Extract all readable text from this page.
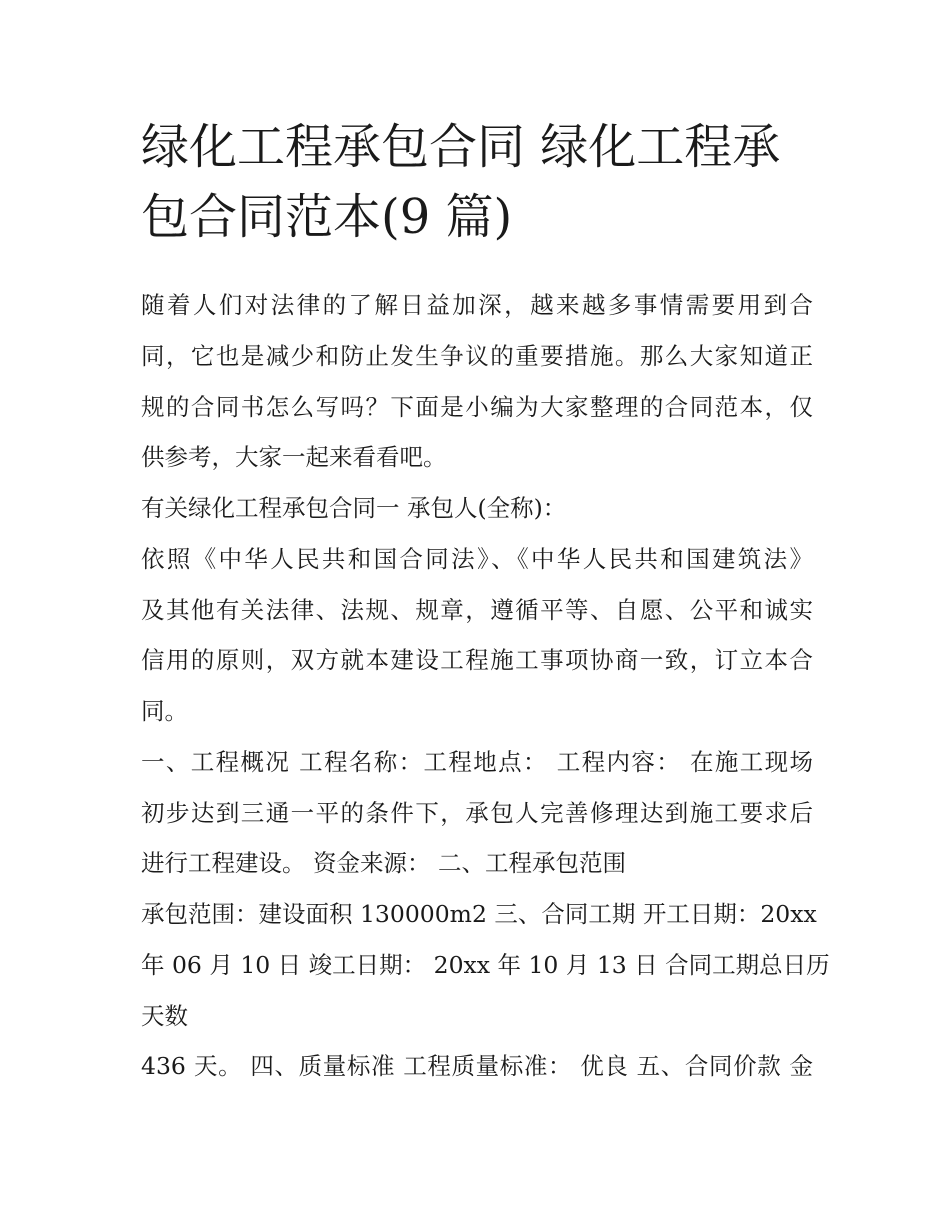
绿化工程承包合同 绿化工程承
包合同范本(9 篇)
随着人们对法律的了解日益加深，越来越多事情需要用到合
同，它也是减少和防止发生争议的重要措施。那么大家知道正
规的合同书怎么写吗？下面是小编为大家整理的合同范本，仅
供参考，大家一起来看看吧。
有关绿化工程承包合同一 承包人(全称)：
依照《中华人民共和国合同法》、《中华人民共和国建筑法》
及其他有关法律、法规、规章，遵循平等、自愿、公平和诚实
信用的原则，双方就本建设工程施工事项协商一致，订立本合
同。
一、工程概况 工程名称：工程地点： 工程内容： 在施工现场
初步达到三通一平的条件下，承包人完善修理达到施工要求后
进行工程建设。 资金来源： 二、工程承包范围
承包范围：建设面积 130000m2 三、合同工期 开工日期：20xx
年 06 月 10 日 竣工日期： 20xx 年 10 月 13 日 合同工期总日历
天数
436 天。 四、质量标准 工程质量标准： 优良 五、合同价款 金
